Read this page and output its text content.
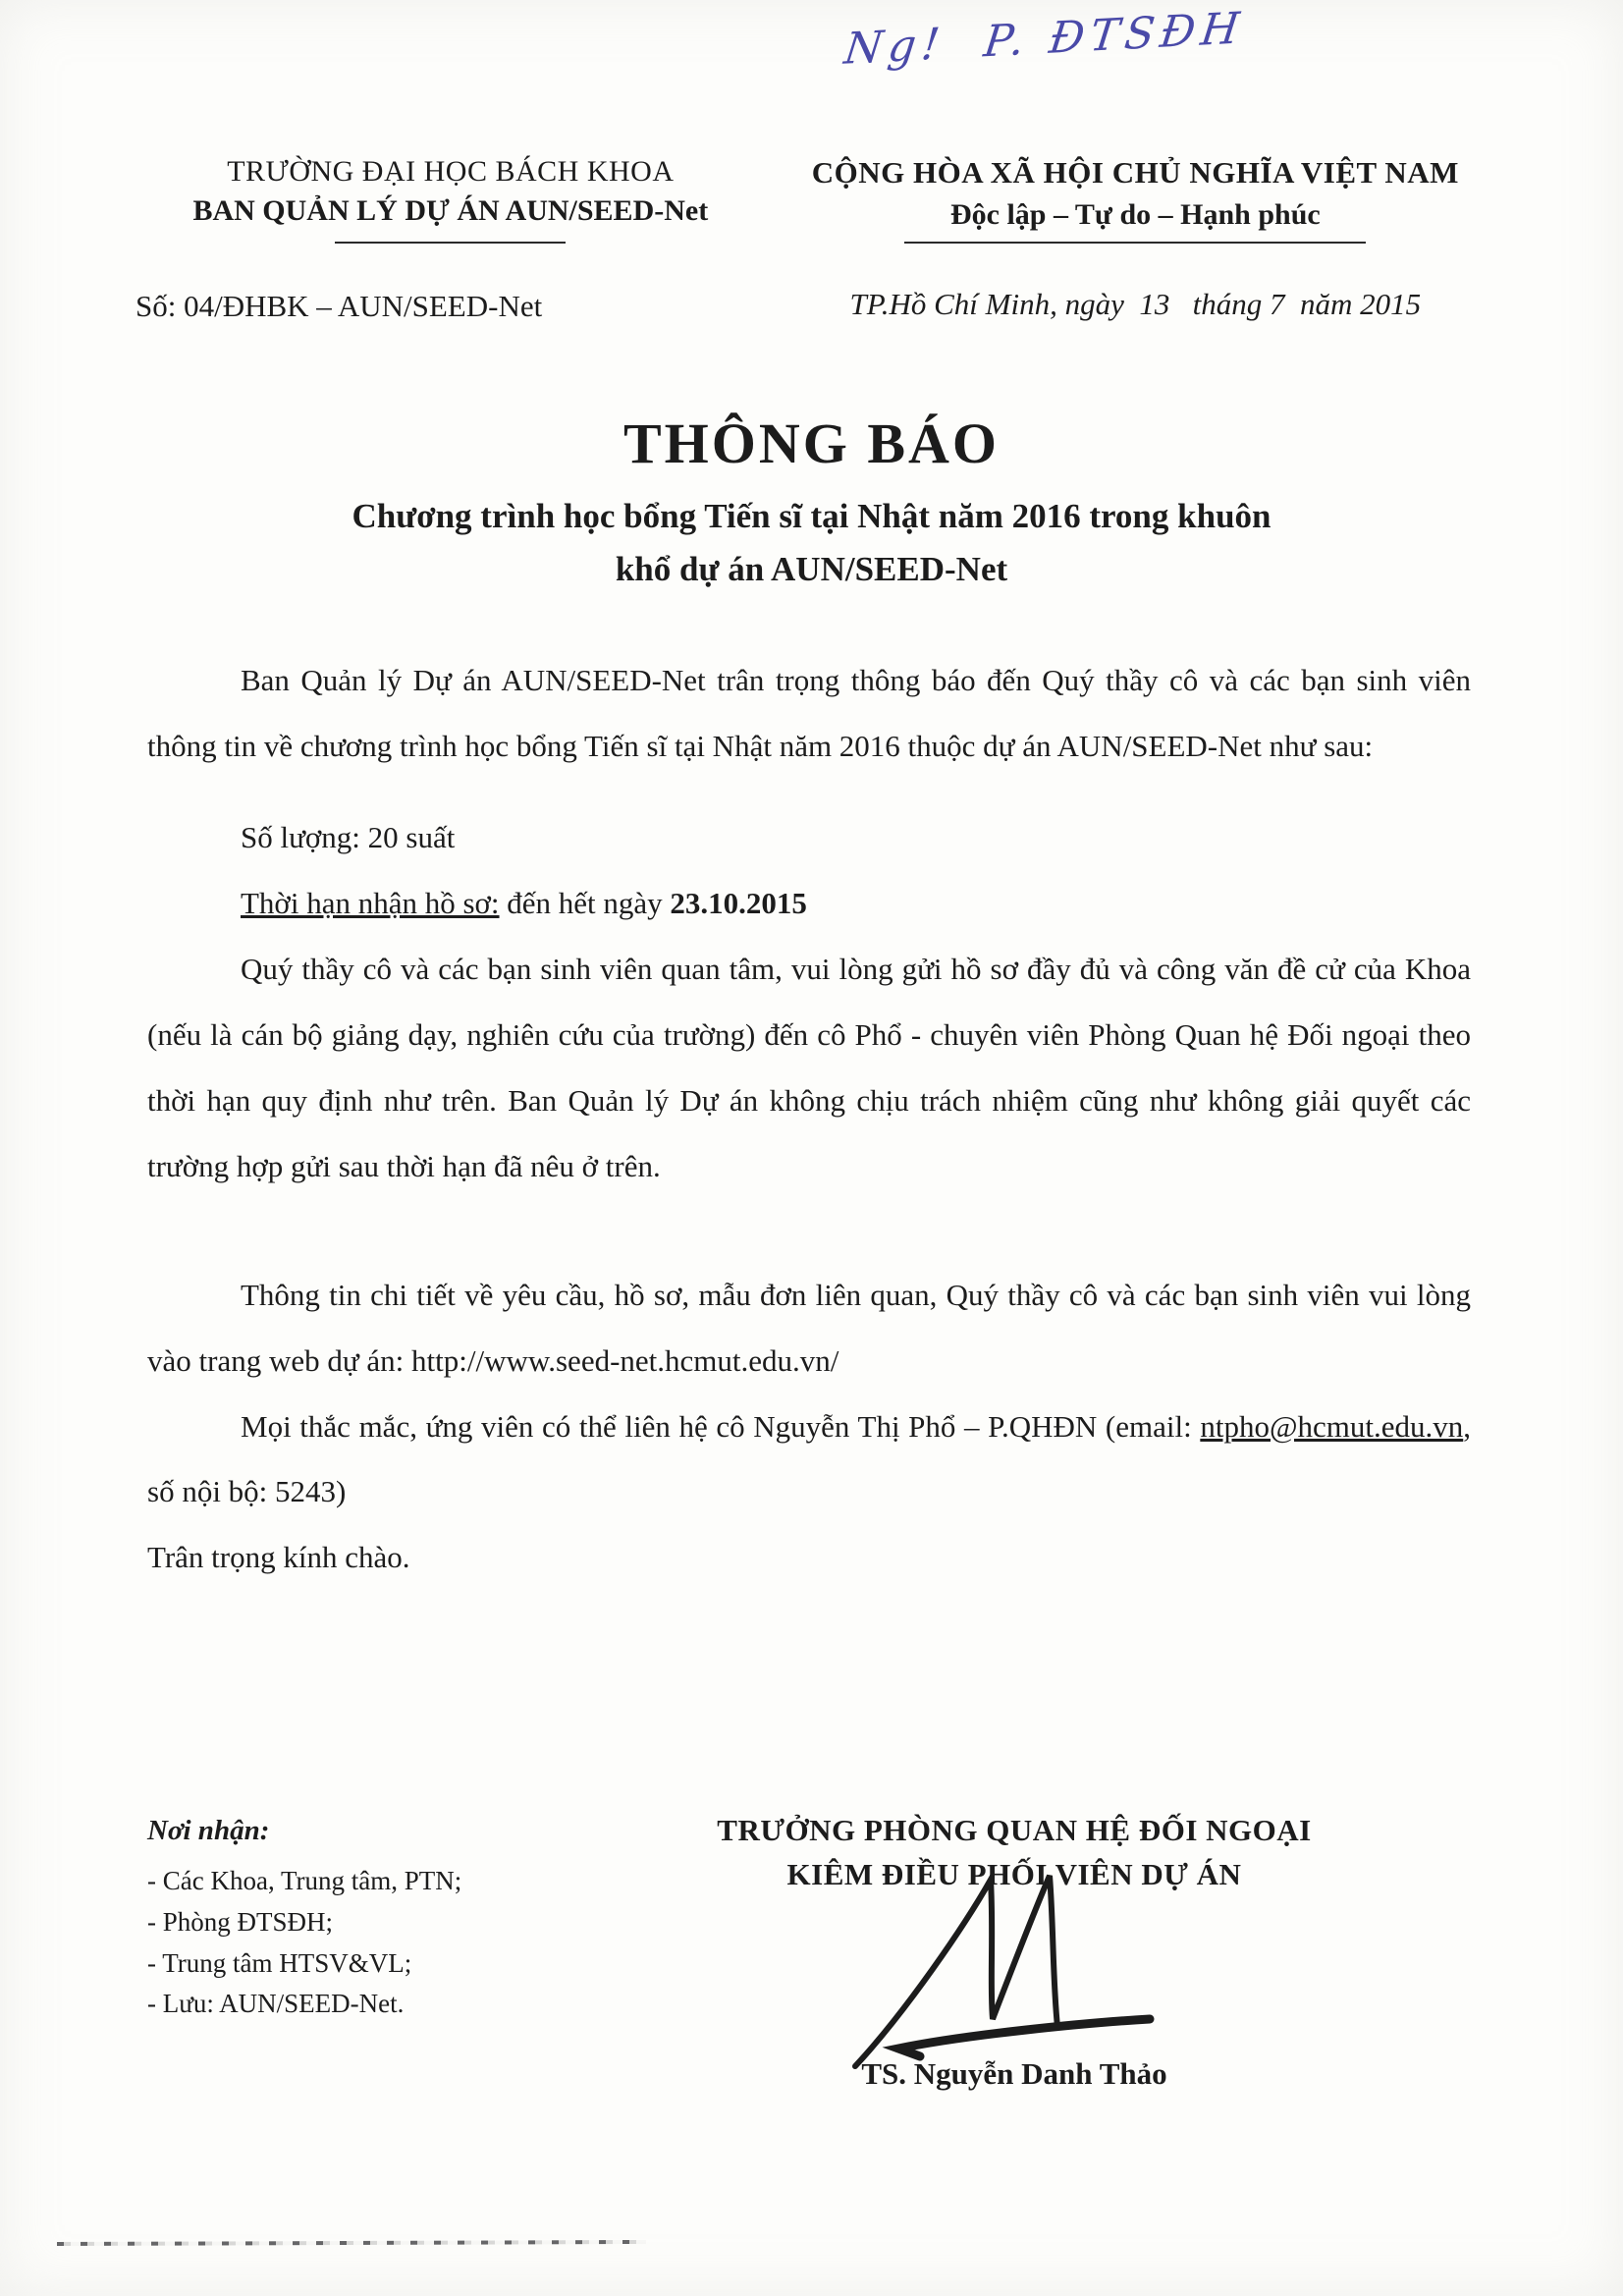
Ng!  P. ĐTSĐH
TRƯỜNG ĐẠI HỌC BÁCH KHOA
BAN QUẢN LÝ DỰ ÁN AUN/SEED-Net
Số: 04/ĐHBK – AUN/SEED-Net
CỘNG HÒA XÃ HỘI CHỦ NGHĨA VIỆT NAM
Độc lập – Tự do – Hạnh phúc
TP.Hồ Chí Minh, ngày  13   tháng 7  năm 2015
THÔNG BÁO
Chương trình học bổng Tiến sĩ tại Nhật năm 2016 trong khuôn
khổ dự án AUN/SEED-Net

Ban Quản lý Dự án AUN/SEED-Net trân trọng thông báo đến Quý thầy cô và các bạn sinh viên thông tin về chương trình học bổng Tiến sĩ tại Nhật năm 2016 thuộc dự án AUN/SEED-Net như sau:

Số lượng: 20 suất
Thời hạn nhận hồ sơ: đến hết ngày 23.10.2015

Quý thầy cô và các bạn sinh viên quan tâm, vui lòng gửi hồ sơ đầy đủ và công văn đề cử của Khoa (nếu là cán bộ giảng dạy, nghiên cứu của trường) đến cô Phổ - chuyên viên Phòng Quan hệ Đối ngoại theo thời hạn quy định như trên. Ban Quản lý Dự án không chịu trách nhiệm cũng như không giải quyết các trường hợp gửi sau thời hạn đã nêu ở trên.

Thông tin chi tiết về yêu cầu, hồ sơ, mẫu đơn liên quan, Quý thầy cô và các bạn sinh viên vui lòng vào trang web dự án: http://www.seed-net.hcmut.edu.vn/

Mọi thắc mắc, ứng viên có thể liên hệ cô Nguyễn Thị Phổ – P.QHĐN (email: ntpho@hcmut.edu.vn, số nội bộ: 5243)

Trân trọng kính chào.

Nơi nhận:
- Các Khoa, Trung tâm, PTN;
- Phòng ĐTSĐH;
- Trung tâm HTSV&VL;
- Lưu: AUN/SEED-Net.
TRƯỞNG PHÒNG QUAN HỆ ĐỐI NGOẠI
KIÊM ĐIỀU PHỐI VIÊN DỰ ÁN
TS. Nguyễn Danh Thảo
